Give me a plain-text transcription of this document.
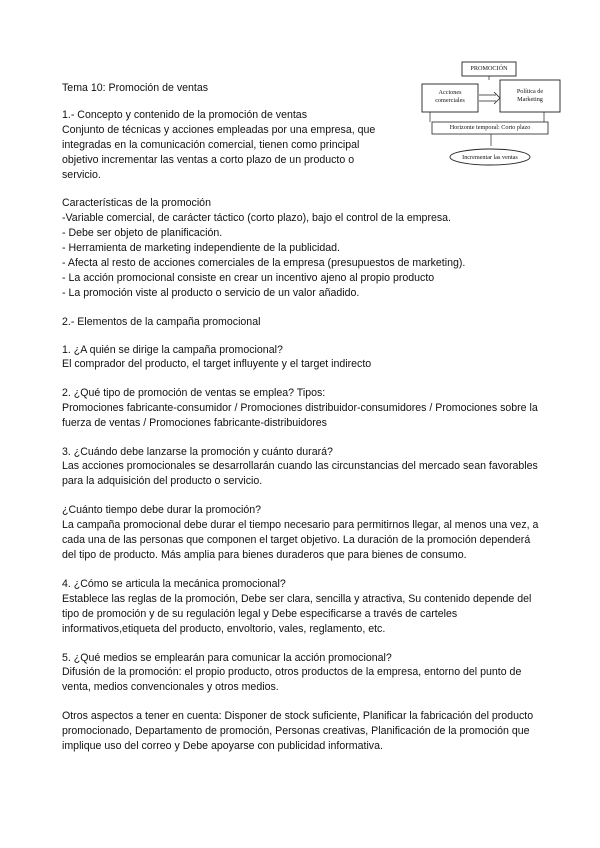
PROMOCIÓN
Acciones
comerciales
Política de
Marketing
Horizonte temporal: Corto plazo
Incrementar las ventas
Tema 10: Promoción de ventas
1.- Concepto y contenido de la promoción de ventas
Conjunto de técnicas y acciones empleadas por una empresa, que
integradas en la comunicación comercial, tienen como principal
objetivo incrementar las ventas a corto plazo de un producto o
servicio.
Características de la promoción
-Variable comercial, de carácter táctico (corto plazo), bajo el control de la empresa.
- Debe ser objeto de planificación.
- Herramienta de marketing independiente de la publicidad.
- Afecta al resto de acciones comerciales de la empresa (presupuestos de marketing).
- La acción promocional consiste en crear un incentivo ajeno al propio producto
- La promoción viste al producto o servicio de un valor añadido.
2.- Elementos de la campaña promocional
1. ¿A quién se dirige la campaña promocional?
El comprador del producto, el target influyente y el target indirecto
2. ¿Qué tipo de promoción de ventas se emplea? Tipos:
Promociones fabricante-consumidor / Promociones distribuidor-consumidores / Promociones sobre la
fuerza de ventas / Promociones fabricante-distribuidores
3. ¿Cuándo debe lanzarse la promoción y cuánto durará?
Las acciones promocionales se desarrollarán cuando las circunstancias del mercado sean favorables
para la adquisición del producto o servicio.
¿Cuánto tiempo debe durar la promoción?
La campaña promocional debe durar el tiempo necesario para permitirnos llegar, al menos una vez, a
cada una de las personas que componen el target objetivo. La duración de la promoción dependerá
del tipo de producto. Más amplia para bienes duraderos que para bienes de consumo.
4. ¿Cómo se articula la mecánica promocional?
Establece las reglas de la promoción, Debe ser clara, sencilla y atractiva, Su contenido depende del
tipo de promoción y de su regulación legal y Debe especificarse a través de carteles
informativos,etiqueta del producto, envoltorio, vales, reglamento, etc.
5. ¿Qué medios se emplearán para comunicar la acción promocional?
Difusión de la promoción: el propio producto, otros productos de la empresa, entorno del punto de
venta, medios convencionales y otros medios.
Otros aspectos a tener en cuenta: Disponer de stock suficiente, Planificar la fabricación del producto
promocionado, Departamento de promoción, Personas creativas, Planificación de la promoción que
implique uso del correo y Debe apoyarse con publicidad informativa.
